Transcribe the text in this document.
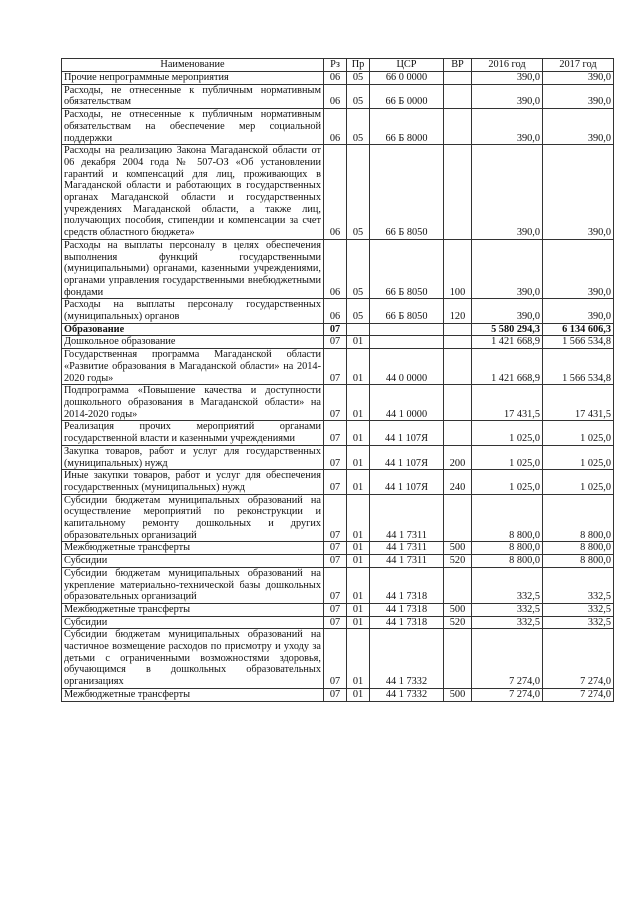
Наименование	Рз	Пр	ЦСР	ВР	2016 год	2017 год
Прочие непрограммные мероприятия	06	05	66 0 0000		390,0	390,0
Расходы, не отнесенные к публичным нормативным обязательствам	06	05	66 Б 0000		390,0	390,0
Расходы, не отнесенные к публичным нормативным обязательствам на обеспечение мер социальной поддержки	06	05	66 Б 8000		390,0	390,0
Расходы на реализацию Закона Магаданской области от 06 декабря 2004 года № 507-ОЗ «Об установлении гарантий и компенсаций для лиц, проживающих в Магаданской области и работающих в государственных органах Магаданской области и государственных учреждениях Магаданской области, а также лиц, получающих пособия, стипендии и компенсации за счет средств областного бюджета»	06	05	66 Б 8050		390,0	390,0
Расходы на выплаты персоналу в целях обеспечения выполнения функций государственными (муниципальными) органами, казенными учреждениями, органами управления государственными внебюджетными фондами	06	05	66 Б 8050	100	390,0	390,0
Расходы на выплаты персоналу государственных (муниципальных) органов	06	05	66 Б 8050	120	390,0	390,0
Образование	07				5 580 294,3	6 134 606,3
Дошкольное образование	07	01			1 421 668,9	1 566 534,8
Государственная программа Магаданской области «Развитие образования в Магаданской области» на 2014-2020 годы»	07	01	44 0 0000		1 421 668,9	1 566 534,8
Подпрограмма «Повышение качества и доступности дошкольного образования в Магаданской области» на 2014-2020 годы»	07	01	44 1 0000		17 431,5	17 431,5
Реализация прочих мероприятий органами государственной власти и казенными учреждениями	07	01	44 1 107Я		1 025,0	1 025,0
Закупка товаров, работ и услуг для государственных (муниципальных) нужд	07	01	44 1 107Я	200	1 025,0	1 025,0
Иные закупки товаров, работ и услуг для обеспечения государственных (муниципальных) нужд	07	01	44 1 107Я	240	1 025,0	1 025,0
Субсидии бюджетам муниципальных образований на осуществление мероприятий по реконструкции и капитальному ремонту дошкольных и других образовательных организаций	07	01	44 1 7311		8 800,0	8 800,0
Межбюджетные трансферты	07	01	44 1 7311	500	8 800,0	8 800,0
Субсидии	07	01	44 1 7311	520	8 800,0	8 800,0
Субсидии бюджетам муниципальных образований на укрепление материально-технической базы дошкольных образовательных организаций	07	01	44 1 7318		332,5	332,5
Межбюджетные трансферты	07	01	44 1 7318	500	332,5	332,5
Субсидии	07	01	44 1 7318	520	332,5	332,5
Субсидии бюджетам муниципальных образований на частичное возмещение расходов по присмотру и уходу за детьми с ограниченными возможностями здоровья, обучающимся в дошкольных образовательных организациях	07	01	44 1 7332		7 274,0	7 274,0
Межбюджетные трансферты	07	01	44 1 7332	500	7 274,0	7 274,0
